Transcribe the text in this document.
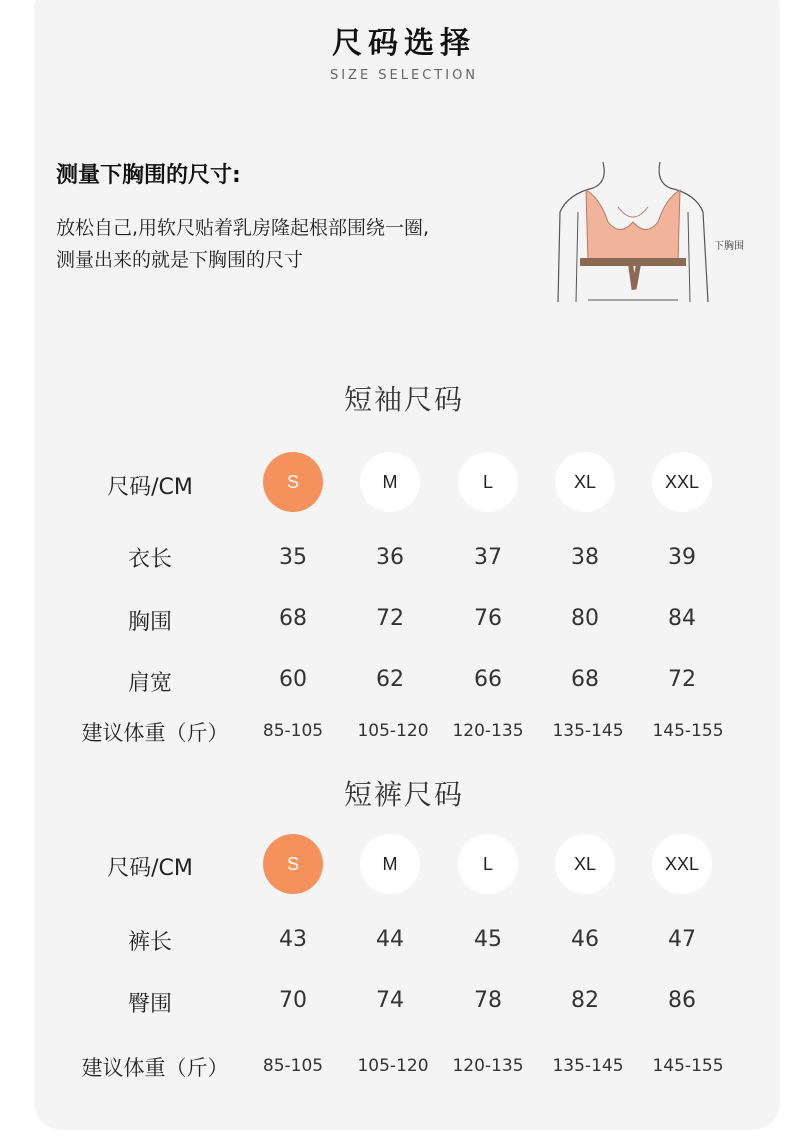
尺码选择
SIZE SELECTION
测量下胸围的尺寸:
放松自己,用软尺贴着乳房隆起根部围绕一圈,
测量出来的就是下胸围的尺寸
下胸围
短袖尺码
尺码/CM	S	M	L	XL	XXL
衣长	35	36	37	38	39
胸围	68	72	76	80	84
肩宽	60	62	66	68	72
建议体重（斤）	85-105	105-120	120-135	135-145	145-155
短裤尺码
尺码/CM	S	M	L	XL	XXL
裤长	43	44	45	46	47
臀围	70	74	78	82	86
建议体重（斤）	85-105	105-120	120-135	135-145	145-155
